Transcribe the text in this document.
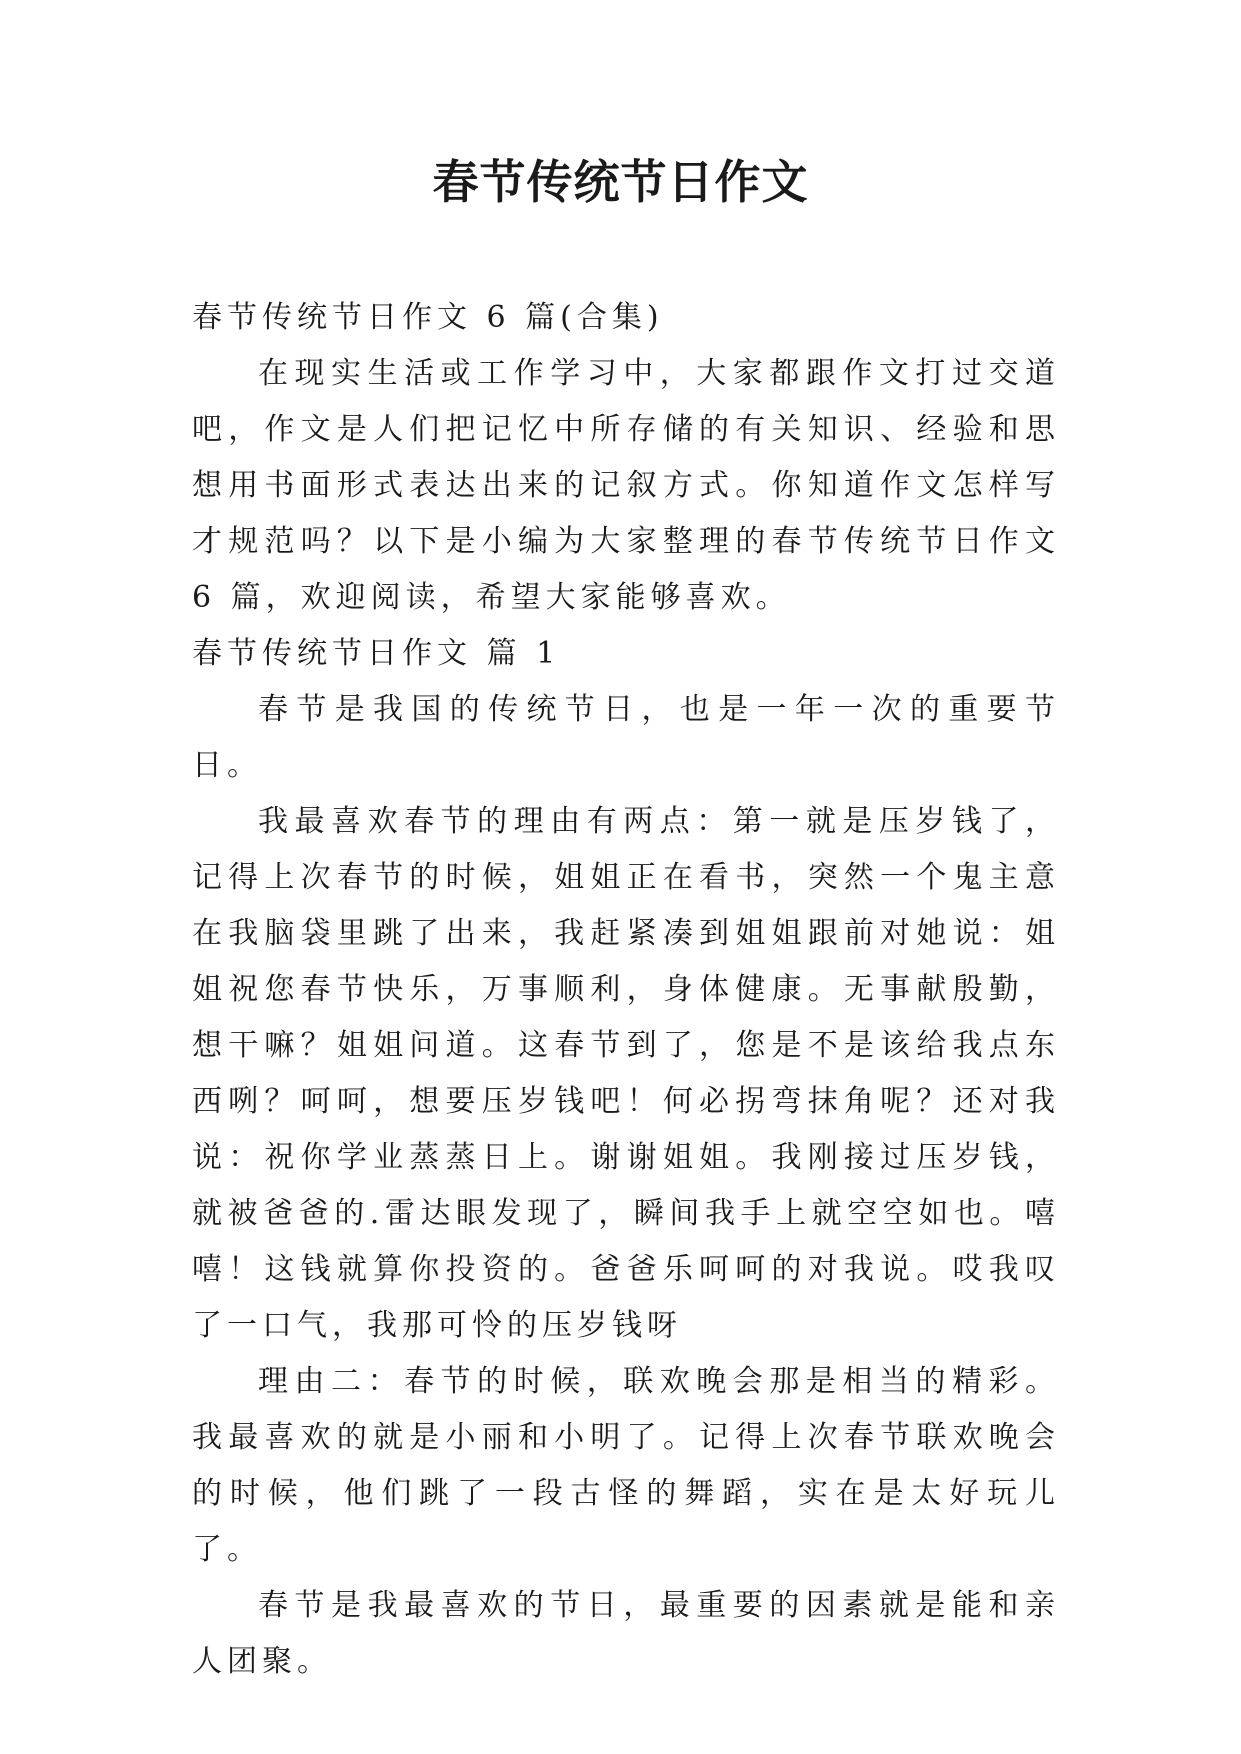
春节传统节日作文

春节传统节日作文 6 篇(合集)

在现实生活或工作学习中，大家都跟作文打过交道吧，作文是人们把记忆中所存储的有关知识、经验和思想用书面形式表达出来的记叙方式。你知道作文怎样写才规范吗？以下是小编为大家整理的春节传统节日作文 6 篇，欢迎阅读，希望大家能够喜欢。

春节传统节日作文 篇 1

春节是我国的传统节日，也是一年一次的重要节日。

我最喜欢春节的理由有两点：第一就是压岁钱了，记得上次春节的时候，姐姐正在看书，突然一个鬼主意在我脑袋里跳了出来，我赶紧凑到姐姐跟前对她说：姐姐祝您春节快乐，万事顺利，身体健康。无事献殷勤，想干嘛？姐姐问道。这春节到了，您是不是该给我点东西咧？呵呵，想要压岁钱吧！何必拐弯抹角呢？还对我说：祝你学业蒸蒸日上。谢谢姐姐。我刚接过压岁钱，就被爸爸的.雷达眼发现了，瞬间我手上就空空如也。嘻嘻！这钱就算你投资的。爸爸乐呵呵的对我说。哎我叹了一口气，我那可怜的压岁钱呀

理由二：春节的时候，联欢晚会那是相当的精彩。我最喜欢的就是小丽和小明了。记得上次春节联欢晚会的时候，他们跳了一段古怪的舞蹈，实在是太好玩儿了。

春节是我最喜欢的节日，最重要的因素就是能和亲人团聚。
